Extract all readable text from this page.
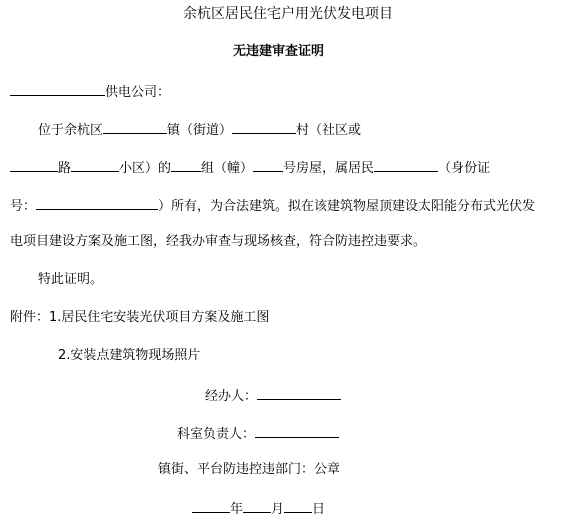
余杭区居民住宅户用光伏发电项目
无违建审查证明
供电公司：
位于余杭区	镇（街道）	村（社区或
路	小区）的 组（幢） 号房屋，属居民	（身份证
号：	）所有，为合法建筑。拟在该建筑物屋顶建设太阳能分布式光伏发
电项目建设方案及施工图，经我办审查与现场核查，符合防违控违要求。
特此证明。
附件：1.居民住宅安装光伏项目方案及施工图
2.安装点建筑物现场照片
经办人：
科室负责人：
镇街、平台防违控违部门：公章
年 月 日
